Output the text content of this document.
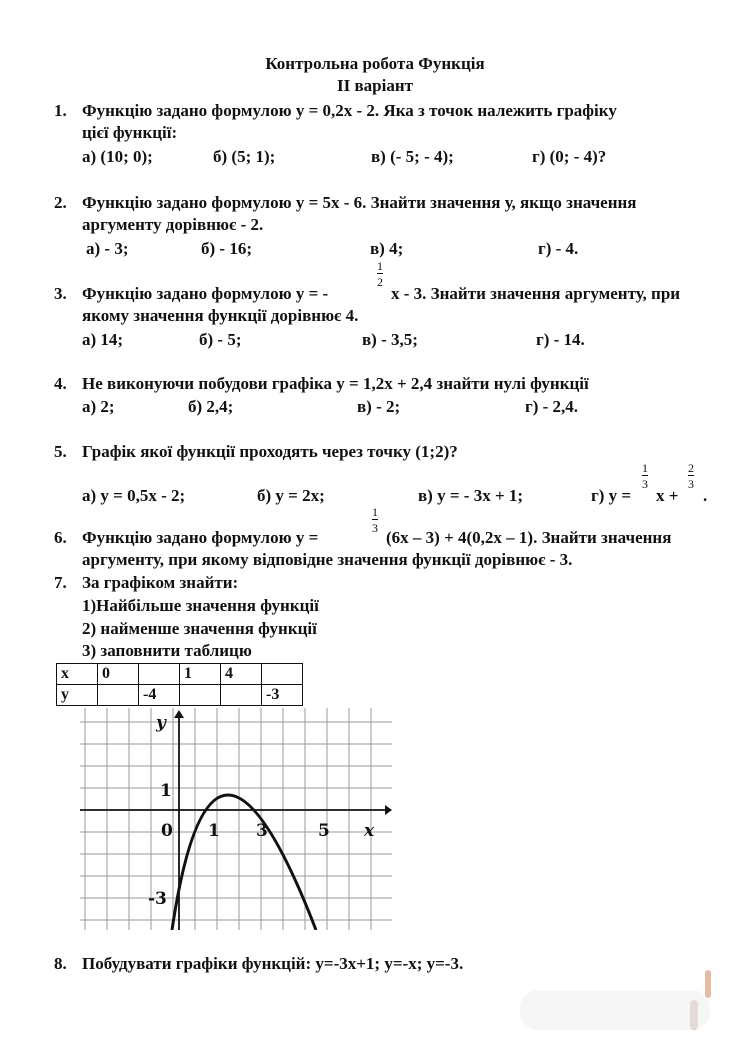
Контрольна робота Функція
ІІ варіант
1. Функцію задано формулою у = 0,2х - 2. Яка з точок належить графіку
цієї функції:
а) (10; 0);	б) (5; 1);	в) (- 5; - 4);	г) (0; - 4)?
2. Функцію задано формулою у = 5х - 6. Знайти значення у, якщо значення
аргументу дорівнює - 2.
а) - 3;	б) - 16;	в) 4;	г) - 4.
3. Функцію задано формулою у = -
$\frac{1}{2}$
х - 3. Знайти значення аргументу, при
якому значення функції дорівнює 4.
а) 14;	б) - 5;	в) - 3,5;	г) - 14.
4. Не виконуючи побудови графіка у = 1,2х + 2,4 знайти нулі функції
а) 2;	б) 2,4;	в) - 2;	г) - 2,4.
5. Графік якої функції проходять через точку (1;2)?
а) у = 0,5х - 2;	б) у = 2х;	в) у = - 3х + 1;	г) у =
$\frac{1}{3}$
х +
$\frac{2}{3}$
.
6. Функцію задано формулою у =
$\frac{1}{3}$
(6х – 3) + 4(0,2х – 1). Знайти значення
аргументу, при якому відповідне значення функції дорівнює - 3.
7. За графіком знайти:
1)Найбільше значення функції
2) найменше значення функції
3) заповнити таблицю
х	0		1	4	
у		-4			-3
y
x
1
0 1 3	5
-3
8. Побудувати графіки функцій: у=-3х+1; у=-х; у=-3.
